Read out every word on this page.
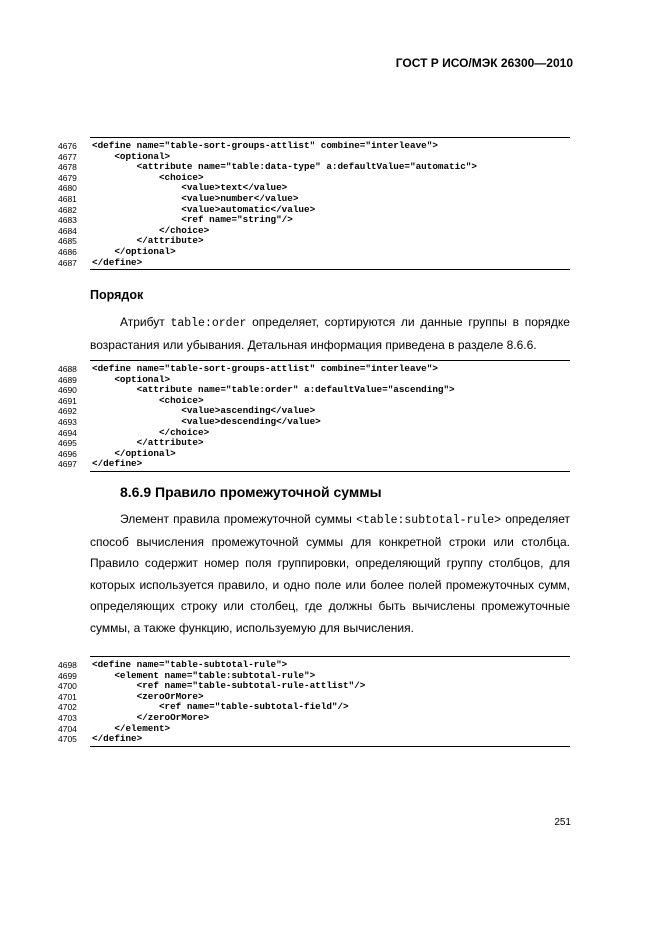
ГОСТ Р ИСО/МЭК 26300—2010
4676	<define name="table-sort-groups-attlist" combine="interleave">
4677	<optional>
4678	<attribute name="table:data-type" a:defaultValue="automatic">
4679	<choice>
4680	<value>text</value>
4681	<value>number</value>
4682	<value>automatic</value>
4683	<ref name="string"/>
4684	</choice>
4685	</attribute>
4686	</optional>
4687	</define>
Порядок
Атрибут table:order определяет, сортируются ли данные группы в порядке возрастания или убывания. Детальная информация приведена в разделе 8.6.6.
4688	<define name="table-sort-groups-attlist" combine="interleave">
4689	<optional>
4690	<attribute name="table:order" a:defaultValue="ascending">
4691	<choice>
4692	<value>ascending</value>
4693	<value>descending</value>
4694	</choice>
4695	</attribute>
4696	</optional>
4697	</define>
8.6.9 Правило промежуточной суммы
Элемент правила промежуточной суммы <table:subtotal-rule> определяет способ вычисления промежуточной суммы для конкретной строки или столбца. Правило содержит номер поля группировки, определяющий группу столбцов, для которых используется правило, и одно поле или более полей промежуточных сумм, определяющих строку или столбец, где должны быть вычислены промежуточные суммы, а также функцию, используемую для вычисления.
4698	<define name="table-subtotal-rule">
4699	<element name="table:subtotal-rule">
4700	<ref name="table-subtotal-rule-attlist"/>
4701	<zeroOrMore>
4702	<ref name="table-subtotal-field"/>
4703	</zeroOrMore>
4704	</element>
4705	</define>
251
